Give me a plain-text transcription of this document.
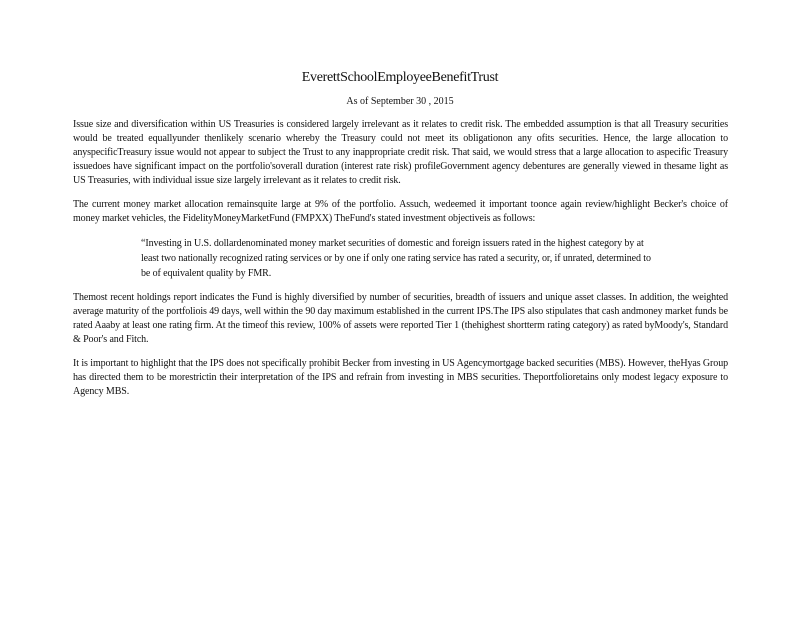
EverettSchoolEmployeeBenefitTrust
As of September 30 , 2015

Issue size and diversification within US Treasuries is considered largely irrelevant as it relates to credit risk. The embedded assumption is that all Treasury securities would be treated equallyunder thenlikely scenario whereby the Treasury could not meet its obligationon any ofits securities. Hence, the large allocation to anyspecificTreasury issue would not appear to subject the Trust to any inappropriate credit risk. That said, we would stress that a large allocation to aspecific Treasury issuedoes have significant impact on the portfolio'soverall duration (interest rate risk) profileGovernment agency debentures are generally viewed in thesame light as US Treasuries, with individual issue size largely irrelevant as it relates to credit risk.

The current money market allocation remainsquite large at 9% of the portfolio. Assuch, wedeemed it important toonce again review/highlight Becker's choice of money market vehicles, the FidelityMoneyMarketFund (FMPXX) TheFund's stated investment objectiveis as follows:

“Investing in U.S. dollardenominated money market securities of domestic and foreign issuers rated in the highest category by at least two nationally recognized rating services or by one if only one rating service has rated a security, or, if unrated, determined to be of equivalent quality by FMR.

Themost recent holdings report indicates the Fund is highly diversified by number of securities, breadth of issuers and unique asset classes. In addition, the weighted average maturity of the portfoliois 49 days, well within the 90 day maximum established in the current IPS.The IPS also stipulates that cash andmoney market funds be rated Aaaby at least one rating firm. At the timeof this review, 100% of assets were reported Tier 1 (thehighest shortterm rating category) as rated byMoody's, Standard & Poor's and Fitch.

It is important to highlight that the IPS does not specifically prohibit Becker from investing in US Agencymortgage backed securities (MBS). However, theHyas Group has directed them to be morestrictin their interpretation of the IPS and refrain from investing in MBS securities. Theportfolioretains only modest legacy exposure to Agency MBS.
